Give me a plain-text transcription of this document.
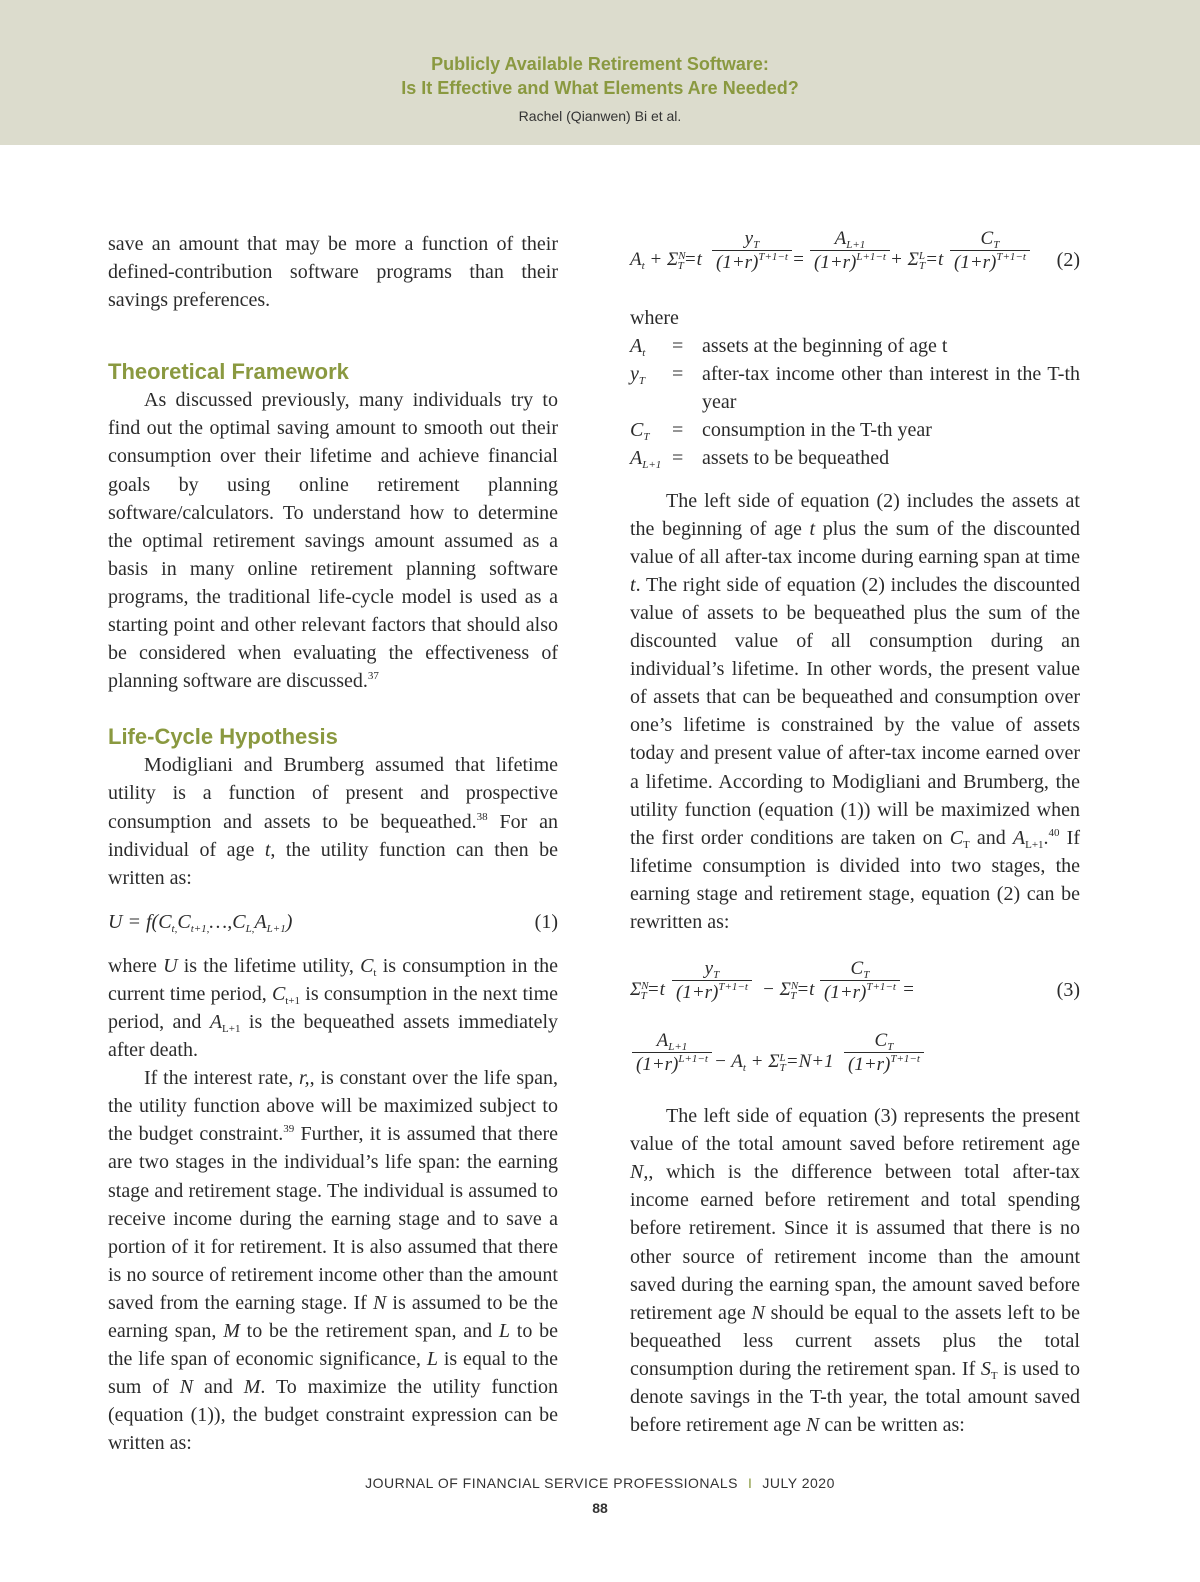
Publicly Available Retirement Software:
Is It Effective and What Elements Are Needed?
Rachel (Qianwen) Bi et al.

save an amount that may be more a function of their defined-contribution software programs than their savings preferences.

Theoretical Framework

As discussed previously, many individuals try to find out the optimal saving amount to smooth out their consumption over their lifetime and achieve financial goals by using online retirement planning software/calculators. To understand how to determine the optimal retirement savings amount assumed as a basis in many online retirement planning software programs, the traditional life-cycle model is used as a starting point and other relevant factors that should also be considered when evaluating the effectiveness of planning software are discussed.$^{37}$

Life-Cycle Hypothesis

Modigliani and Brumberg assumed that lifetime utility is a function of present and prospective consumption and assets to be bequeathed.$^{38}$ For an individual of age t, the utility function can then be written as:

$U = f(C_{t,}C_{t+1,}\dots,C_{L,}A_{L+1})$	(1)

where U is the lifetime utility, $C_t$ is consumption in the current time period, $C_{t+1}$ is consumption in the next time period, and $A_{L+1}$ is the bequeathed assets immediately after death.

If the interest rate, r,, is constant over the life span, the utility function above will be maximized subject to the budget constraint.$^{39}$ Further, it is assumed that there are two stages in the individual’s life span: the earning stage and retirement stage. The individual is assumed to receive income during the earning stage and to save a portion of it for retirement. It is also assumed that there is no source of retirement income other than the amount saved from the earning stage. If N is assumed to be the earning span, M to be the retirement span, and L to be the life span of economic significance, L is equal to the sum of N and M. To maximize the utility function (equation (1)), the budget constraint expression can be written as:

$A_t + \Sigma^N_T=t \frac{y_T}{(1+r)^{T+1-t}} = \frac{A_{L+1}}{(1+r)^{L+1-t}} + \Sigma^L_T=t \frac{C_T}{(1+r)^{T+1-t}} (2)$

where

$A_t$	= assets at the beginning of age t
$y_T$	= after-tax income other than interest in the T-th year
$C_T$	= consumption in the T-th year
$A_{L+1}$ = assets to be bequeathed

The left side of equation (2) includes the assets at the beginning of age t plus the sum of the discounted value of all after-tax income during earning span at time t. The right side of equation (2) includes the discounted value of assets to be bequeathed plus the sum of the discounted value of all consumption during an individual’s lifetime. In other words, the present value of assets that can be bequeathed and consumption over one’s lifetime is constrained by the value of assets today and present value of after-tax income earned over a lifetime. According to Modigliani and Brumberg, the utility function (equation (1)) will be maximized when the first order conditions are taken on $C_T$ and $A_{L+1}.^{40}$ If lifetime consumption is divided into two stages, the earning stage and retirement stage, equation (2) can be rewritten as:

$\Sigma^N_T=t \frac{y_T}{(1+r)^{T+1-t}} - \Sigma^N_T=t \frac{C_T}{(1+r)^{T+1-t}}$ =	(3)
$\frac{A_{L+1}}{(1+r)^{L+1-t}} - A_t + \Sigma^L_T=N+1 \frac{C_T}{(1+r)^{T+1-t}}$

The left side of equation (3) represents the present value of the total amount saved before retirement age N,, which is the difference between total after-tax income earned before retirement and total spending before retirement. Since it is assumed that there is no other source of retirement income than the amount saved during the earning span, the amount saved before retirement age N should be equal to the assets left to be bequeathed less current assets plus the total consumption during the retirement span. If $S_T$ is used to denote savings in the T-th year, the total amount saved before retirement age N can be written as:

JOURNAL OF FINANCIAL SERVICE PROFESSIONALS I JULY 2020
88
